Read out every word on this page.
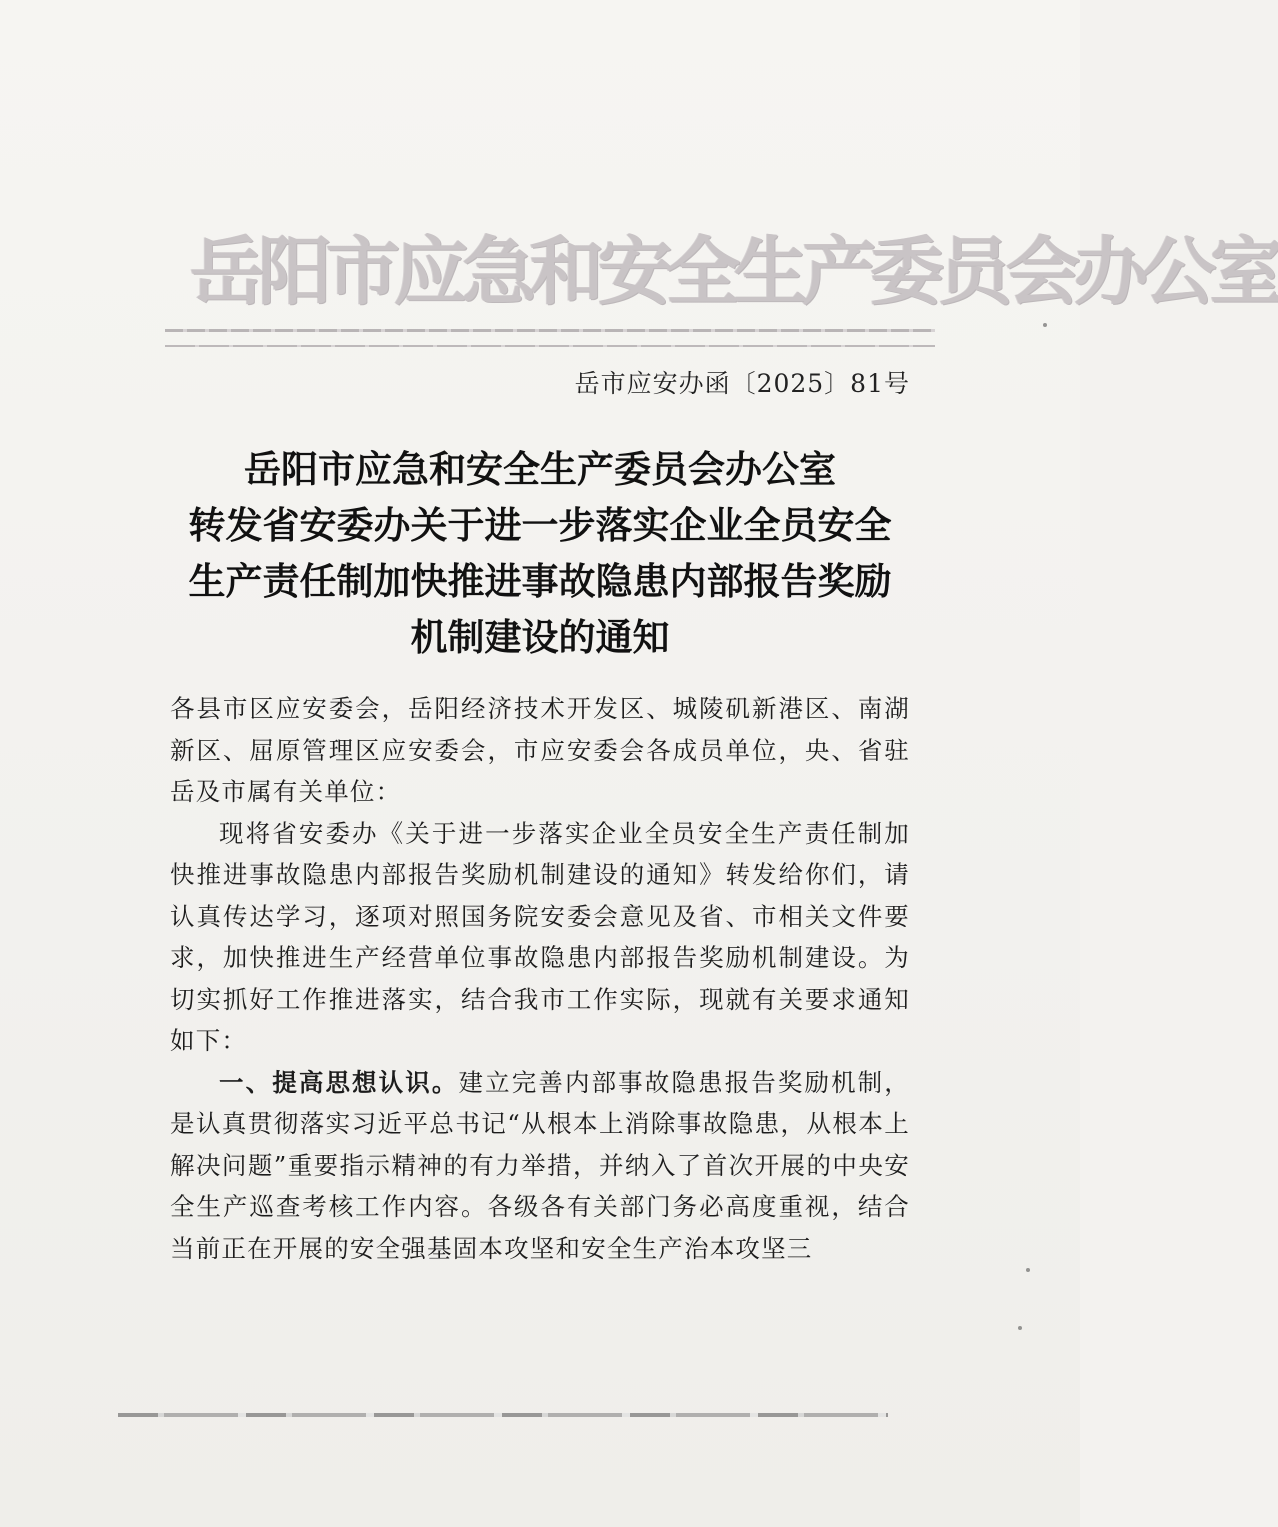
岳阳市应急和安全生产委员会办公室
岳市应安办函〔2025〕81号
岳阳市应急和安全生产委员会办公室
转发省安委办关于进一步落实企业全员安全
生产责任制加快推进事故隐患内部报告奖励
机制建设的通知

各县市区应安委会，岳阳经济技术开发区、城陵矶新港区、南湖新区、屈原管理区应安委会，市应安委会各成员单位，央、省驻岳及市属有关单位：

现将省安委办《关于进一步落实企业全员安全生产责任制加快推进事故隐患内部报告奖励机制建设的通知》转发给你们，请认真传达学习，逐项对照国务院安委会意见及省、市相关文件要求，加快推进生产经营单位事故隐患内部报告奖励机制建设。为切实抓好工作推进落实，结合我市工作实际，现就有关要求通知如下：

一、提高思想认识。建立完善内部事故隐患报告奖励机制，是认真贯彻落实习近平总书记“从根本上消除事故隐患，从根本上解决问题”重要指示精神的有力举措，并纳入了首次开展的中央安全生产巡查考核工作内容。各级各有关部门务必高度重视，结合当前正在开展的安全强基固本攻坚和安全生产治本攻坚三
